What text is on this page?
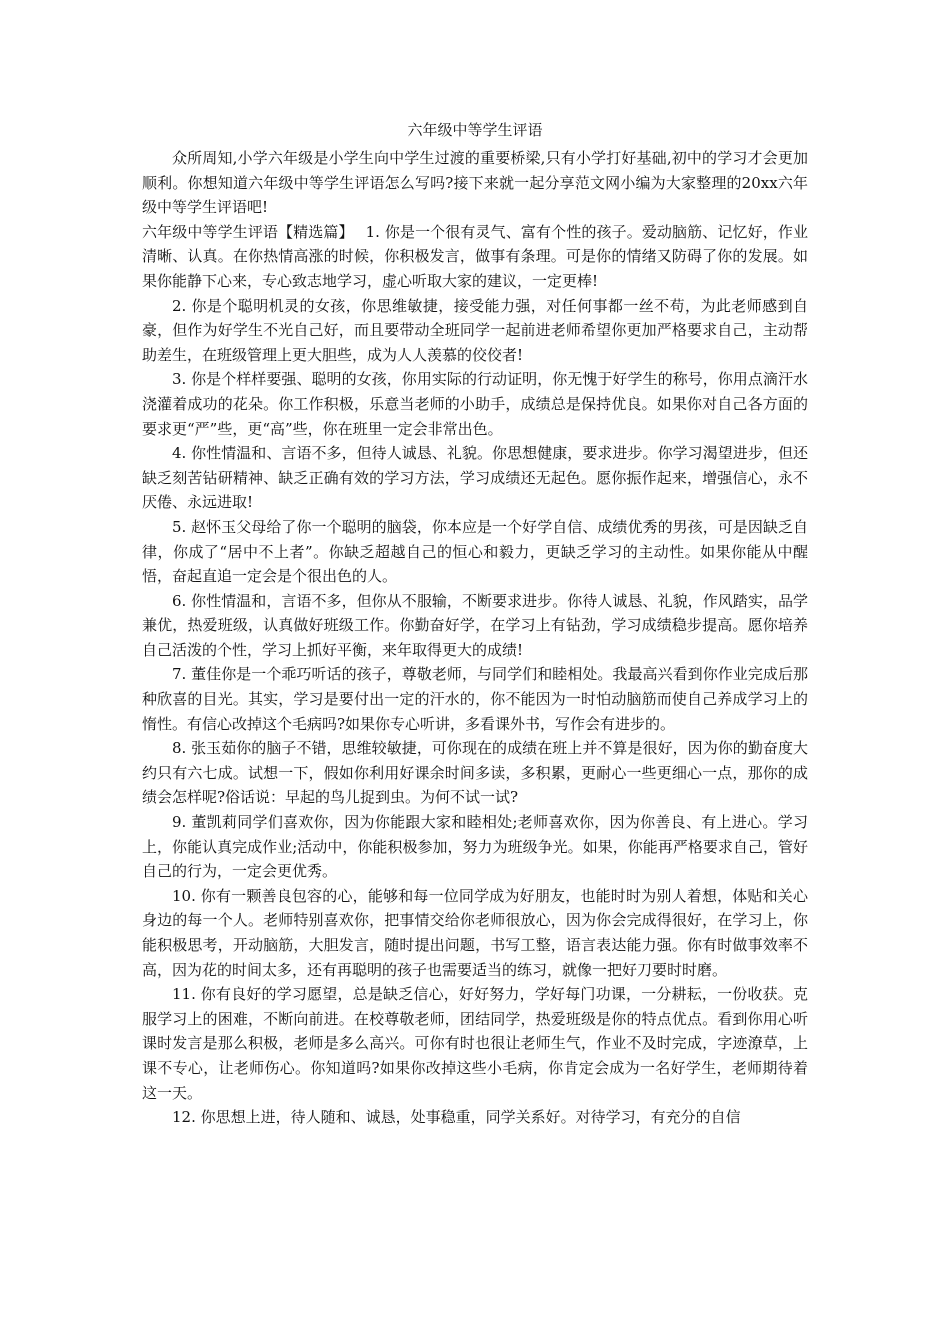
六年级中等学生评语

众所周知,小学六年级是小学生向中学生过渡的重要桥梁,只有小学打好基础,初中的学习才会更加顺利。你想知道六年级中等学生评语怎么写吗?接下来就一起分享范文网小编为大家整理的20xx六年级中等学生评语吧!

六年级中等学生评语【精选篇】 1. 你是一个很有灵气、富有个性的孩子。爱动脑筋、记忆好，作业清晰、认真。在你热情高涨的时候，你积极发言，做事有条理。可是你的情绪又防碍了你的发展。如果你能静下心来，专心致志地学习，虚心听取大家的建议，一定更棒!

2. 你是个聪明机灵的女孩，你思维敏捷，接受能力强，对任何事都一丝不苟，为此老师感到自豪，但作为好学生不光自己好，而且要带动全班同学一起前进老师希望你更加严格要求自己，主动帮助差生，在班级管理上更大胆些，成为人人羡慕的佼佼者!

3. 你是个样样要强、聪明的女孩，你用实际的行动证明，你无愧于好学生的称号，你用点滴汗水浇灌着成功的花朵。你工作积极，乐意当老师的小助手，成绩总是保持优良。如果你对自己各方面的要求更“严”些，更“高”些，你在班里一定会非常出色。

4. 你性情温和、言语不多，但待人诚恳、礼貌。你思想健康，要求进步。你学习渴望进步，但还缺乏刻苦钻研精神、缺乏正确有效的学习方法，学习成绩还无起色。愿你振作起来，增强信心，永不厌倦、永远进取!

5. 赵怀玉父母给了你一个聪明的脑袋，你本应是一个好学自信、成绩优秀的男孩，可是因缺乏自律，你成了“居中不上者”。你缺乏超越自己的恒心和毅力，更缺乏学习的主动性。如果你能从中醒悟，奋起直追一定会是个很出色的人。

6. 你性情温和，言语不多，但你从不服输，不断要求进步。你待人诚恳、礼貌，作风踏实，品学兼优，热爱班级，认真做好班级工作。你勤奋好学，在学习上有钻劲，学习成绩稳步提高。愿你培养自己活泼的个性，学习上抓好平衡，来年取得更大的成绩!

7. 董佳你是一个乖巧听话的孩子，尊敬老师，与同学们和睦相处。我最高兴看到你作业完成后那种欣喜的目光。其实，学习是要付出一定的汗水的，你不能因为一时怕动脑筋而使自己养成学习上的惰性。有信心改掉这个毛病吗?如果你专心听讲，多看课外书，写作会有进步的。

8. 张玉茹你的脑子不错，思维较敏捷，可你现在的成绩在班上并不算是很好，因为你的勤奋度大约只有六七成。试想一下，假如你利用好课余时间多读，多积累，更耐心一些更细心一点，那你的成绩会怎样呢?俗话说：早起的鸟儿捉到虫。为何不试一试?

9. 董凯莉同学们喜欢你，因为你能跟大家和睦相处;老师喜欢你，因为你善良、有上进心。学习上，你能认真完成作业;活动中，你能积极参加，努力为班级争光。如果，你能再严格要求自己，管好自己的行为，一定会更优秀。

10. 你有一颗善良包容的心，能够和每一位同学成为好朋友，也能时时为别人着想，体贴和关心身边的每一个人。老师特别喜欢你，把事情交给你老师很放心，因为你会完成得很好，在学习上，你能积极思考，开动脑筋，大胆发言，随时提出问题，书写工整，语言表达能力强。你有时做事效率不高，因为花的时间太多，还有再聪明的孩子也需要适当的练习，就像一把好刀要时时磨。

11. 你有良好的学习愿望，总是缺乏信心，好好努力，学好每门功课，一分耕耘，一份收获。克服学习上的困难，不断向前进。在校尊敬老师，团结同学，热爱班级是你的特点优点。看到你用心听课时发言是那么积极，老师是多么高兴。可你有时也很让老师生气，作业不及时完成，字迹潦草，上课不专心，让老师伤心。你知道吗?如果你改掉这些小毛病，你肯定会成为一名好学生，老师期待着这一天。

12. 你思想上进，待人随和、诚恳，处事稳重，同学关系好。对待学习，有充分的自信
